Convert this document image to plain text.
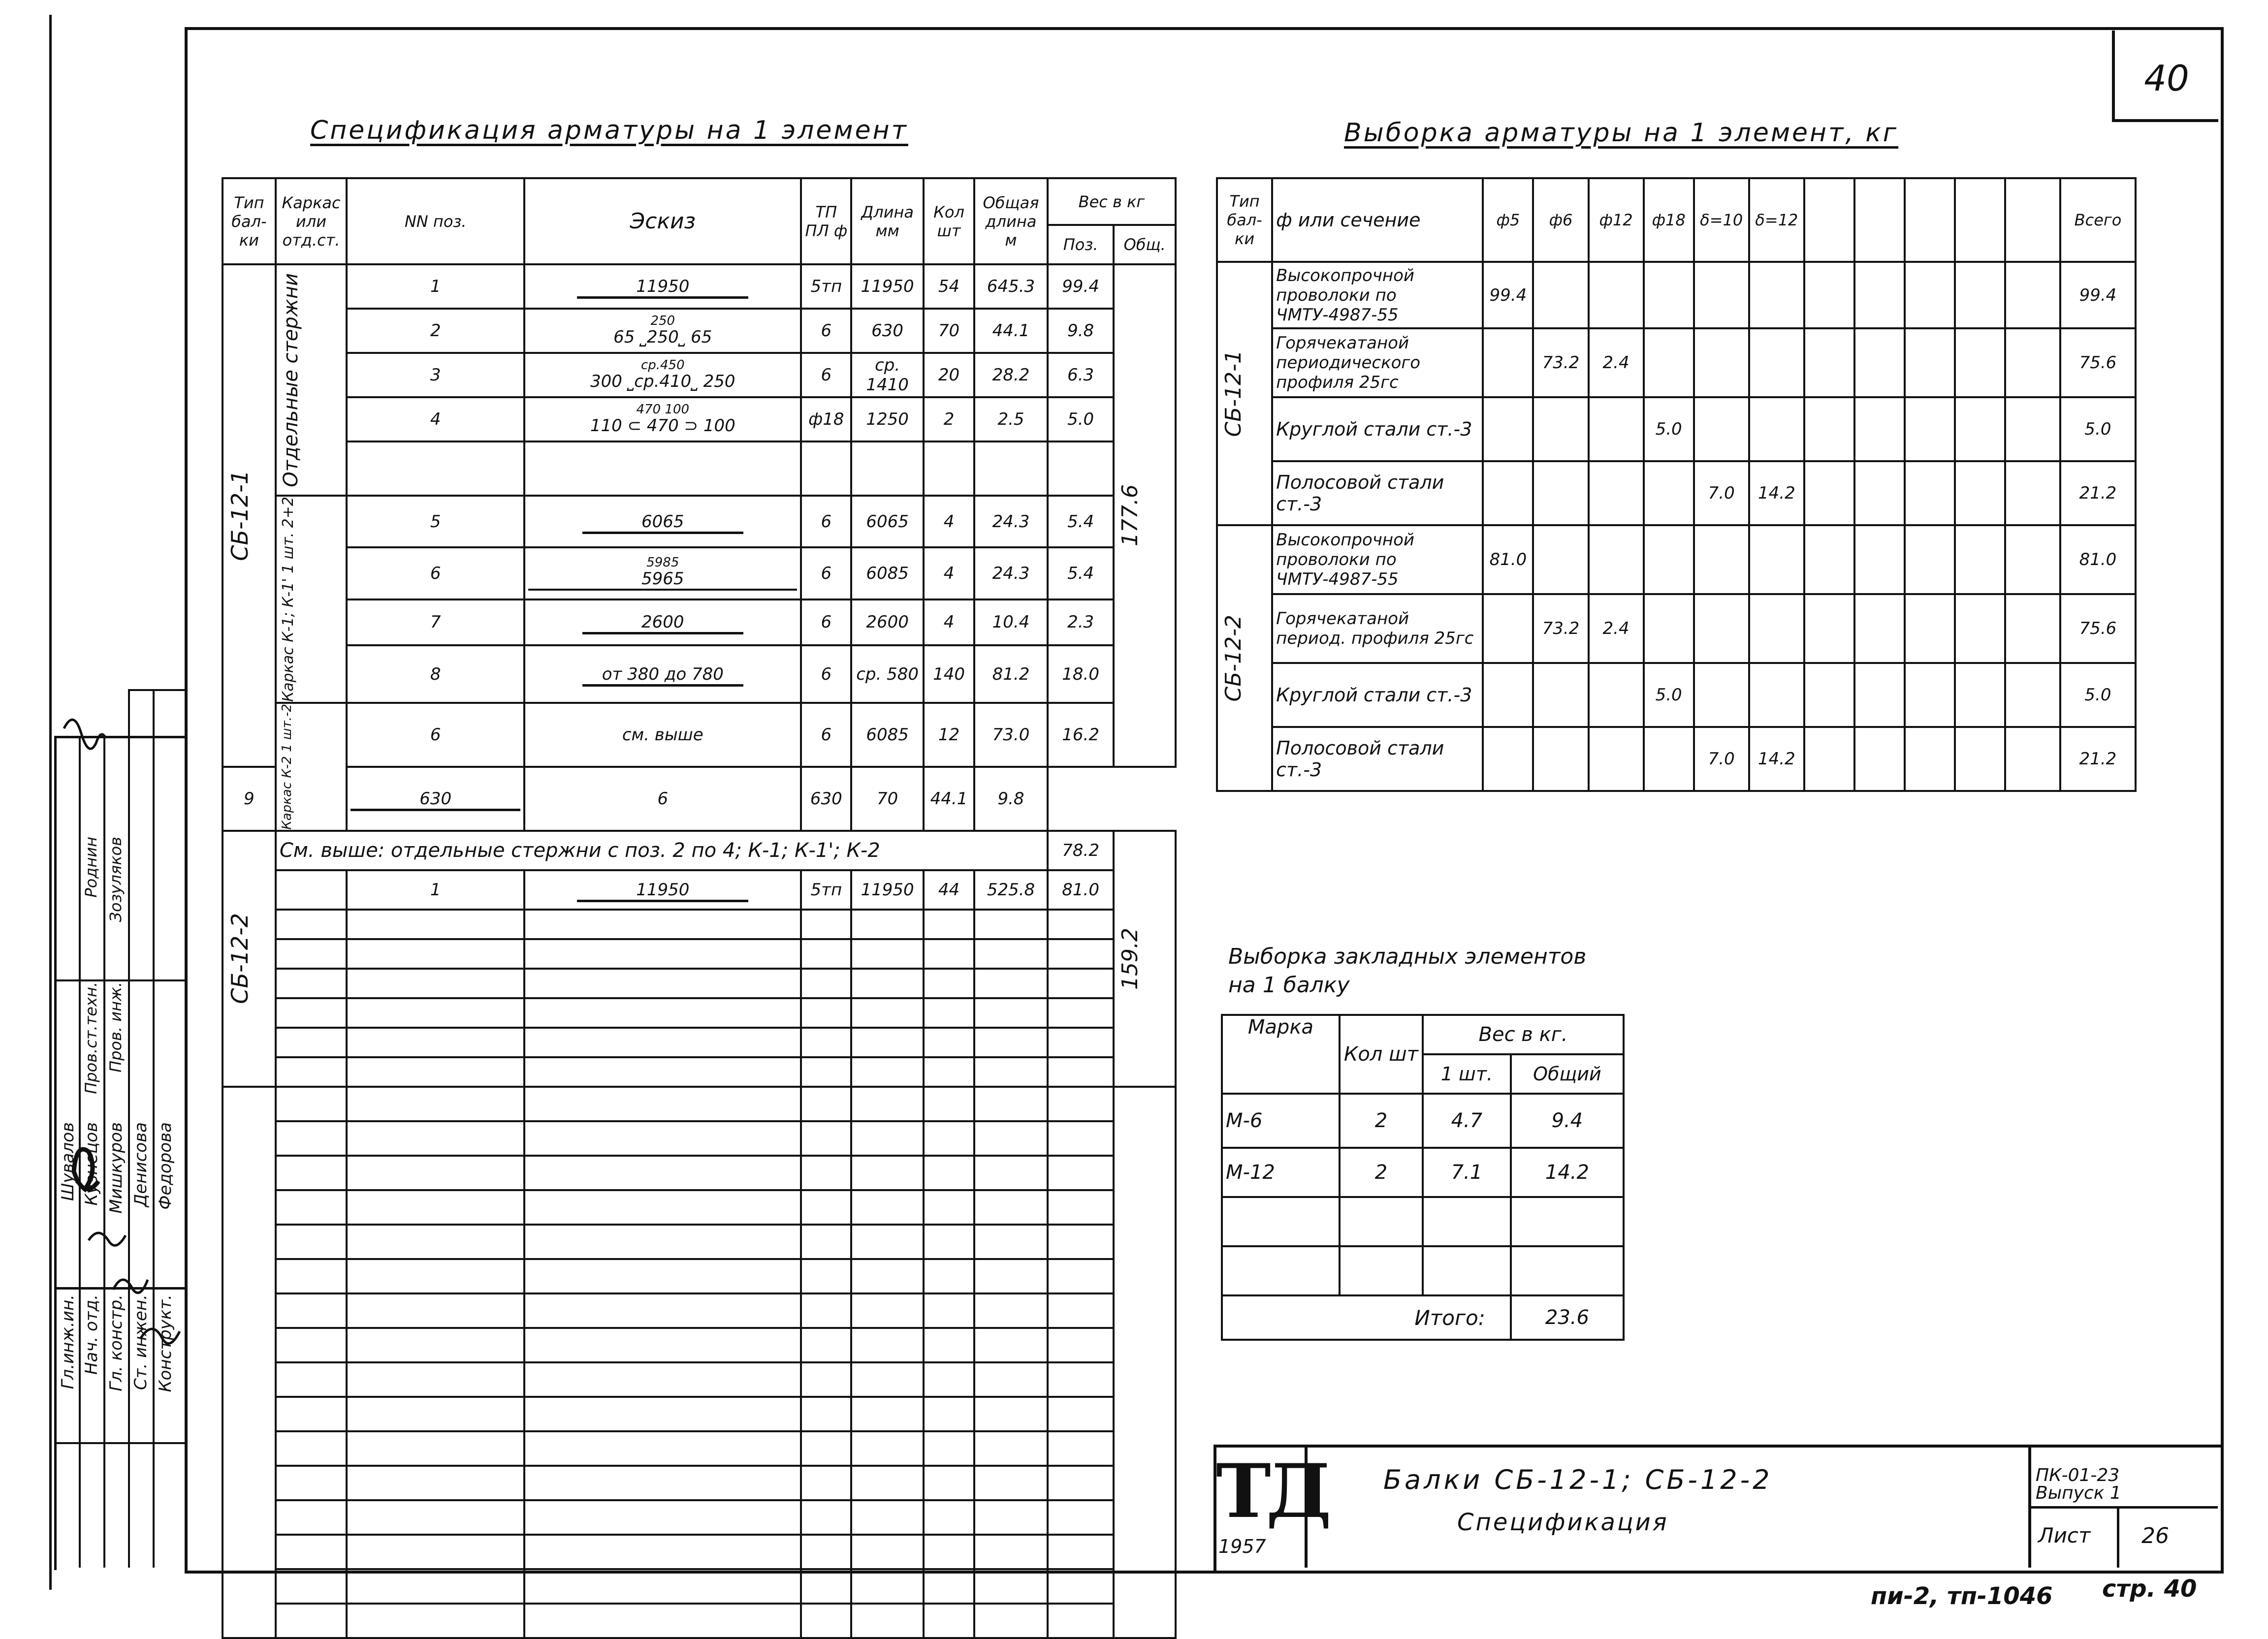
40
Спецификация арматуры на 1 элемент	Выборка арматуры на 1 элемент, кг
Тип бал-ки	Каркас или отд.ст.	NN поз.	Эскиз	ТП ПЛ ф	Длина мм	Кол шт	Общая длина м	Вес в кг	
								Поз.	Общ.

СБ-12-1	Отдельные стержни	1	11950	5тп	11950	54	645.3	99.4	177.6

		2	250
65 ⎵250⎵ 65	6	630	70	44.1	9.8	
		3	ср.450
300 ⎵ср.410⎵ 250	6	ср. 1410	20	28.2	6.3	
		4	470 100
110 ⊂ 470 ⊃ 100	ф18	1250	2	2.5	5.0	

	Каркас К-1; К-1' 1 шт. 2+2	5	6065	6	6065	4	24.3	5.4	
		6	5985
5965	6	6085	4	24.3	5.4	
		7	2600	6	2600	4	10.4	2.3	
		8	от 380 до 780	6	ср. 580	140	81.2	18.0	

	Каркас К-2 1 шт.-2	6	см. выше	6	6085	12	73.0	16.2	
9		630	6	630	70	44.1	9.8		

СБ-12-2	См. выше: отдельные стержни с поз. 2 по 4; К-1; К-1'; К-2							78.2	159.2

		1	11950	5тп	11950	44	525.8	81.0	

Тип бал-ки	ф или сечение	ф5	ф6	ф12	ф18	δ=10	δ=12						Всего

СБ-12-1	Высокопрочной проволоки по ЧМТУ-4987-55	99.4											99.4
	Горячекатаной периодического профиля 25гс		73.2	2.4									75.6
	Круглой стали ст.-3				5.0								5.0
	Полосовой стали ст.-3					7.0	14.2						21.2

СБ-12-2	Высокопрочной проволоки по ЧМТУ-4987-55	81.0											81.0
	Горячекатаной период. профиля 25гс		73.2	2.4									75.6
	Круглой стали ст.-3				5.0								5.0
	Полосовой стали ст.-3					7.0	14.2						21.2
Выборка закладных элементов на 1 балку
Марка	Кол шт	Вес в кг.	
		1 шт.	Общий
М-6	2	4.7	9.4
М-12	2	7.1	14.2

Итого:			23.6
ТД
1957
Балки СБ-12-1; СБ-12-2
Спецификация
ПК-01-23 Выпуск 1
Лист 26
пи-2, тп-1046 стр. 40
Гл.инж.ин. Нач. отд. Гл. констр. Ст. инжен. Конструкт.
Шувалов Кузнецов Мишкуров Денисова Федорова
Пров.ст.техн. Пров. инж.
Роднин Зозуляков
